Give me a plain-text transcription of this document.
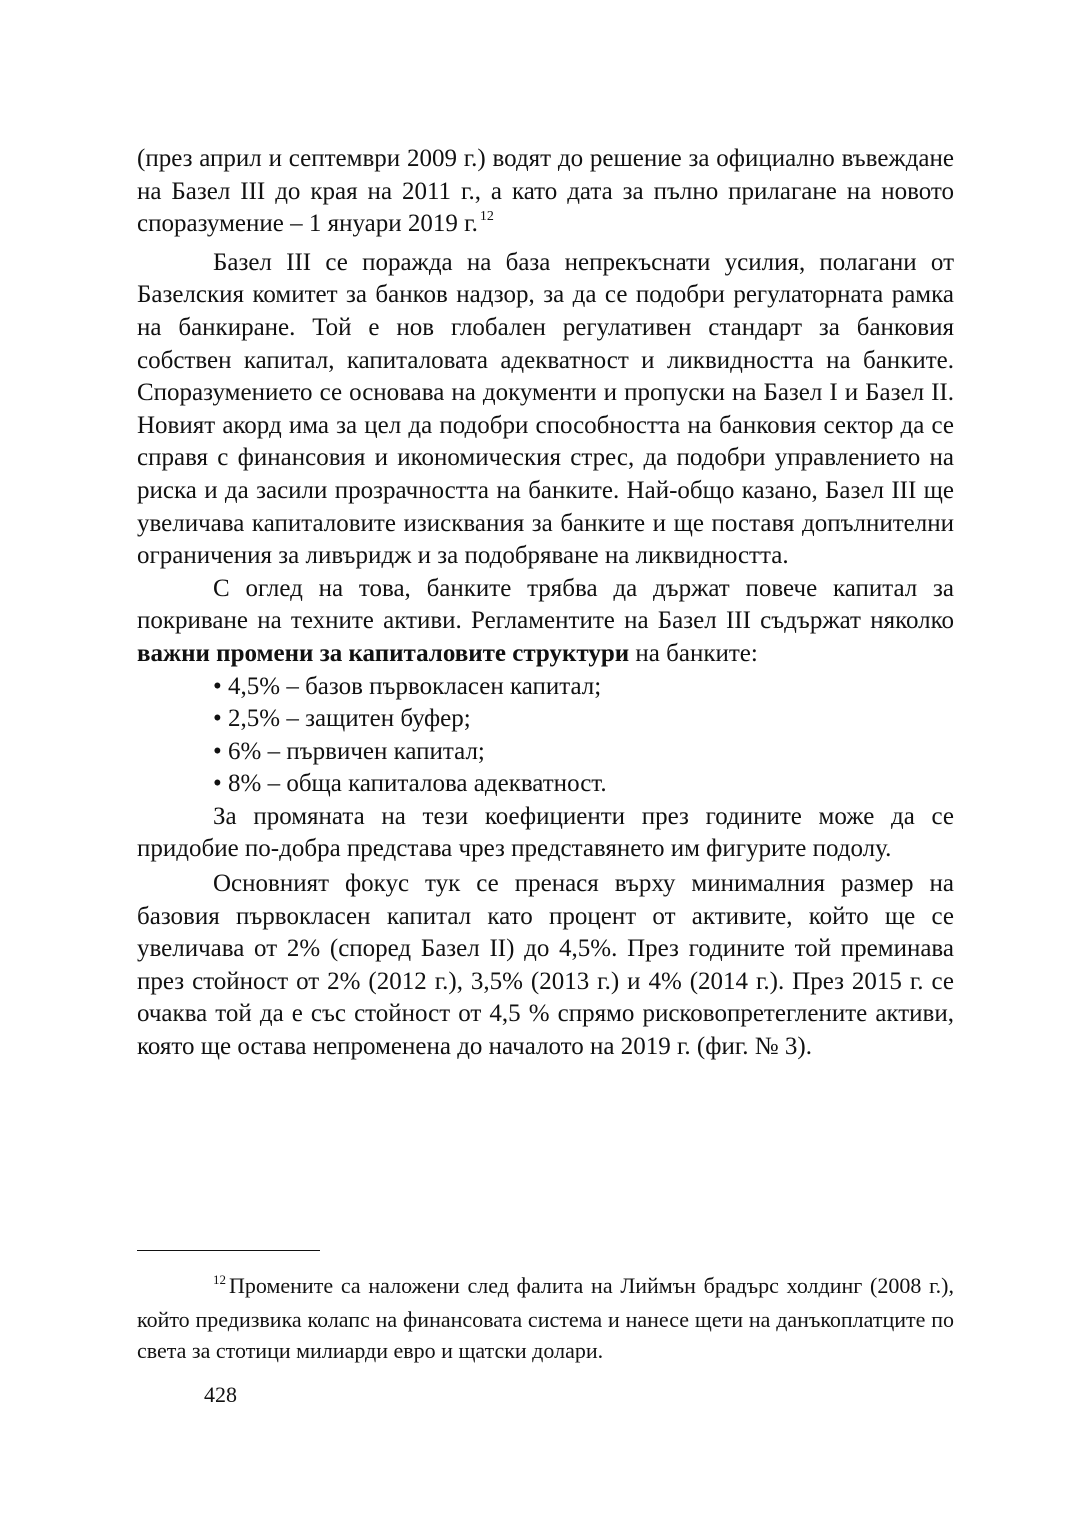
(през април и септември 2009 г.) водят до решение за официално въвеждане на Базел III до края на 2011 г., а като дата за пълно прилагане на новото споразумение – 1 януари 2019 г. $^{12}$

Базел III се поражда на база непрекъснати усилия, полагани от Базелския комитет за банков надзор, за да се подобри регулаторната рамка на банкиране. Той е нов глобален регулативен стандарт за банковия собствен капитал, капиталовата адекватност и ликвидността на банките. Споразумението се основава на документи и пропуски на Базел I и Базел II. Новият акорд има за цел да подобри способността на банковия сектор да се справя с финансовия и икономическия стрес, да подобри управлението на риска и да засили прозрачността на банките. Най-общо казано, Базел III ще увеличава капиталовите изисквания за банките и ще поставя допълнителни ограничения за ливъридж и за подобряване на ликвидността.

С оглед на това, банките трябва да държат повече капитал за покриване на техните активи. Регламентите на Базел III съдържат няколко важни промени за капиталовите структури на банките:

• 4,5% – базов първокласен капитал;
• 2,5% – защитен буфер;
• 6% – първичен капитал;
• 8% – обща капиталова адекватност.

За промяната на тези коефициенти през годините може да се придобие по-добра представа чрез представянето им фигурите подолу.

Основният фокус тук се пренася върху минималния размер на базовия първокласен капитал като процент от активите, който ще се увеличава от 2% (според Базел II) до 4,5%. През годините той преминава през стойност от 2% (2012 г.), 3,5% (2013 г.) и 4% (2014 г.). През 2015 г. се очаква той да е със стойност от 4,5 % спрямо рисковопретеглените активи, която ще остава непроменена до началото на 2019 г. (фиг. № 3).

$^{12}$ Промените са наложени след фалита на Лиймън брадърс холдинг (2008 г.), който предизвика колапс на финансовата система и нанесе щети на данъкоплатците по света за стотици милиарди евро и щатски долари.

428
